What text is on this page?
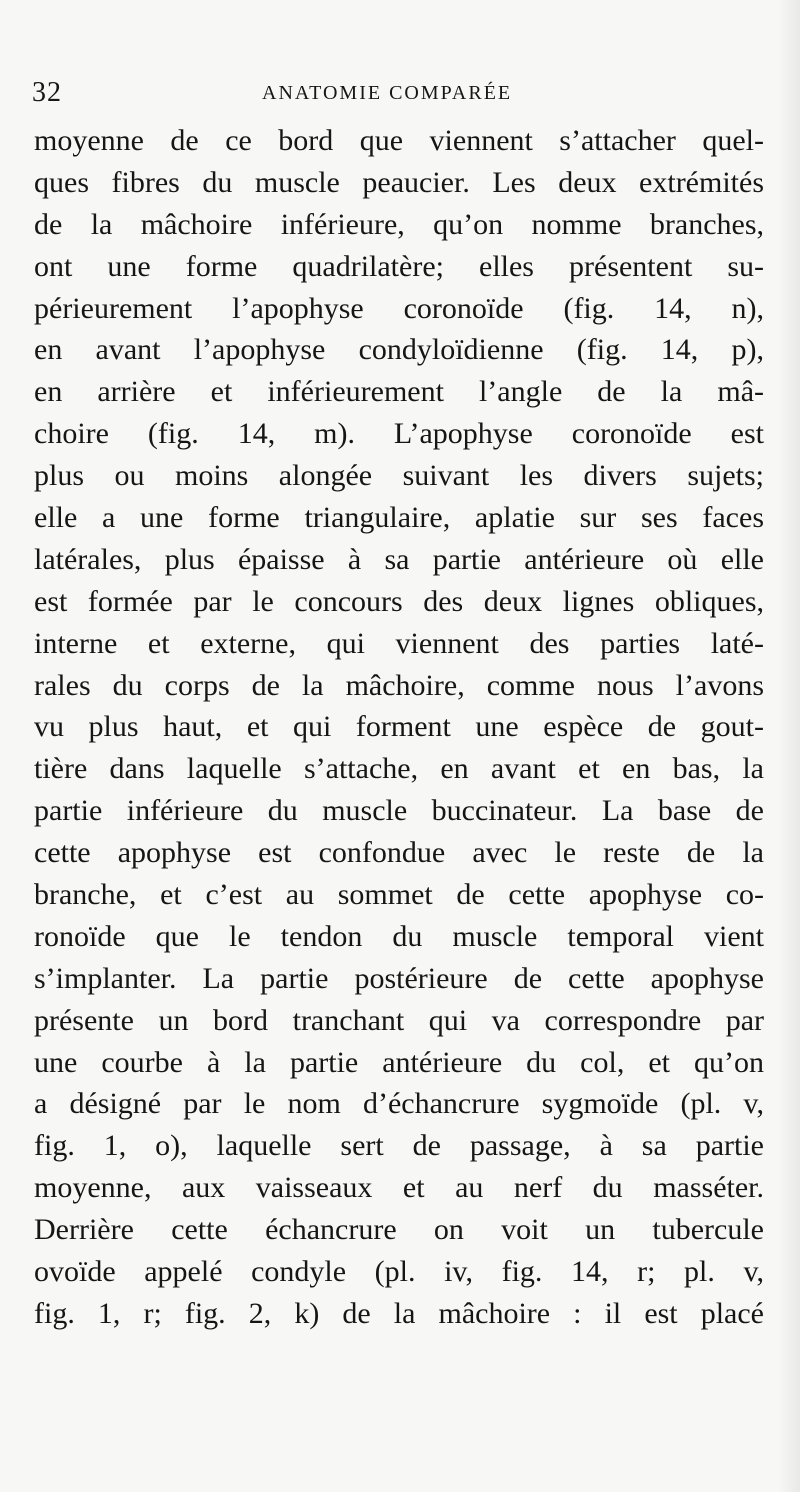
32	ANATOMIE COMPARÉE
moyenne de ce bord que viennent s’attacher quel-
ques fibres du muscle peaucier. Les deux extrémités
de la mâchoire inférieure, qu’on nomme branches,
ont une forme quadrilatère; elles présentent su-
périeurement l’apophyse coronoïde (fig. 14, n),
en avant l’apophyse condyloïdienne (fig. 14, p),
en arrière et inférieurement l’angle de la mâ-
choire (fig. 14, m). L’apophyse coronoïde est
plus ou moins alongée suivant les divers sujets;
elle a une forme triangulaire, aplatie sur ses faces
latérales, plus épaisse à sa partie antérieure où elle
est formée par le concours des deux lignes obliques,
interne et externe, qui viennent des parties laté-
rales du corps de la mâchoire, comme nous l’avons
vu plus haut, et qui forment une espèce de gout-
tière dans laquelle s’attache, en avant et en bas, la
partie inférieure du muscle buccinateur. La base de
cette apophyse est confondue avec le reste de la
branche, et c’est au sommet de cette apophyse co-
ronoïde que le tendon du muscle temporal vient
s’implanter. La partie postérieure de cette apophyse
présente un bord tranchant qui va correspondre par
une courbe à la partie antérieure du col, et qu’on
a désigné par le nom d’échancrure sygmoïde (pl. v,
fig. 1, o), laquelle sert de passage, à sa partie
moyenne, aux vaisseaux et au nerf du masséter.
Derrière cette échancrure on voit un tubercule
ovoïde appelé condyle (pl. iv, fig. 14, r; pl. v,
fig. 1, r; fig. 2, k) de la mâchoire : il est placé
